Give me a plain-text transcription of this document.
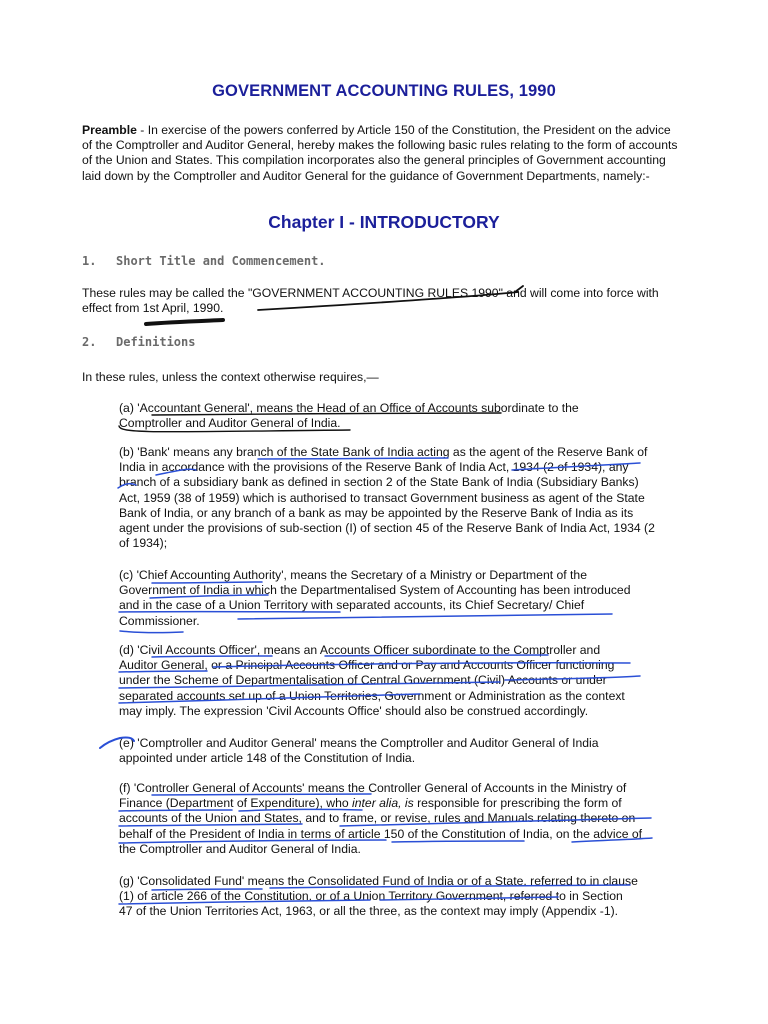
GOVERNMENT ACCOUNTING RULES, 1990

Preamble - In exercise of the powers conferred by Article 150 of the Constitution, the President on the advice of the Comptroller and Auditor General, hereby makes the following basic rules relating to the form of accounts of the Union and States. This compilation incorporates also the general principles of Government accounting laid down by the Comptroller and Auditor General for the guidance of Government Departments, namely:-

Chapter I - INTRODUCTORY
1. Short Title and Commencement.

These rules may be called the "GOVERNMENT ACCOUNTING RULES 1990" and will come into force with effect from 1st April, 1990.

2. Definitions

In these rules, unless the context otherwise requires,—

(a) 'Accountant General', means the Head of an Office of Accounts subordinate to the Comptroller and Auditor General of India.

(b) 'Bank' means any branch of the State Bank of India acting as the agent of the Reserve Bank of India in accordance with the provisions of the Reserve Bank of India Act, 1934 (2 of 1934), any branch of a subsidiary bank as defined in section 2 of the State Bank of India (Subsidiary Banks) Act, 1959 (38 of 1959) which is authorised to transact Government business as agent of the State Bank of India, or any branch of a bank as may be appointed by the Reserve Bank of India as its agent under the provisions of sub-section (I) of section 45 of the Reserve Bank of India Act, 1934 (2 of 1934);

(c) 'Chief Accounting Authority', means the Secretary of a Ministry or Department of the Government of India in which the Departmentalised System of Accounting has been introduced and in the case of a Union Territory with separated accounts, its Chief Secretary/ Chief Commissioner.

(d) 'Civil Accounts Officer', means an Accounts Officer subordinate to the Comptroller and Auditor General, or a Principal Accounts Officer and or Pay and Accounts Officer functioning under the Scheme of Departmentalisation of Central Government (Civil) Accounts or under separated accounts set up of a Union Territories, Government or Administration as the context may imply. The expression 'Civil Accounts Office' should also be construed accordingly.

(e) 'Comptroller and Auditor General' means the Comptroller and Auditor General of India appointed under article 148 of the Constitution of India.

(f) 'Controller General of Accounts' means the Controller General of Accounts in the Ministry of Finance (Department of Expenditure), who inter alia, is responsible for prescribing the form of accounts of the Union and States, and to frame, or revise, rules and Manuals relating thereto on behalf of the President of India in terms of article 150 of the Constitution of India, on the advice of the Comptroller and Auditor General of India.

(g) 'Consolidated Fund' means the Consolidated Fund of India or of a State, referred to in clause (1) of article 266 of the Constitution, or of a Union Territory Government, referred to in Section 47 of the Union Territories Act, 1963, or all the three, as the context may imply (Appendix -1).
